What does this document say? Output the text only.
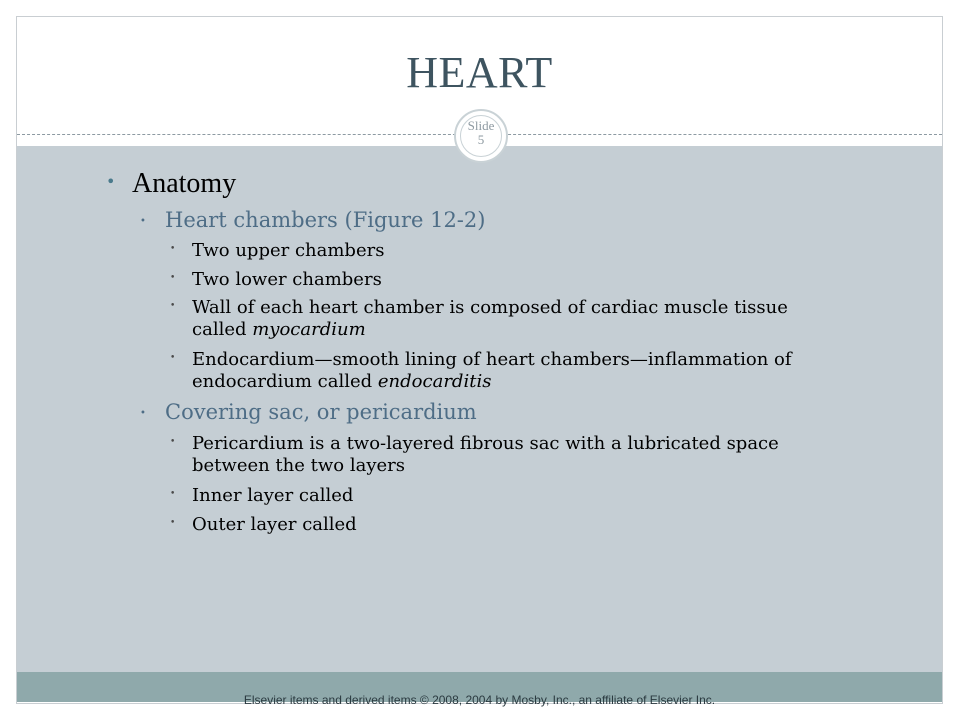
HEART
Slide
5
• Anatomy
• Heart chambers (Figure 12-2)
• Two upper chambers
• Two lower chambers
• Wall of each heart chamber is composed of cardiac muscle tissue called myocardium
• Endocardium—smooth lining of heart chambers—inflammation of endocardium called endocarditis
• Covering sac, or pericardium
• Pericardium is a two-layered fibrous sac with a lubricated space between the two layers
• Inner layer called
• Outer layer called
Elsevier items and derived items © 2008, 2004 by Mosby, Inc., an affiliate of Elsevier Inc.
